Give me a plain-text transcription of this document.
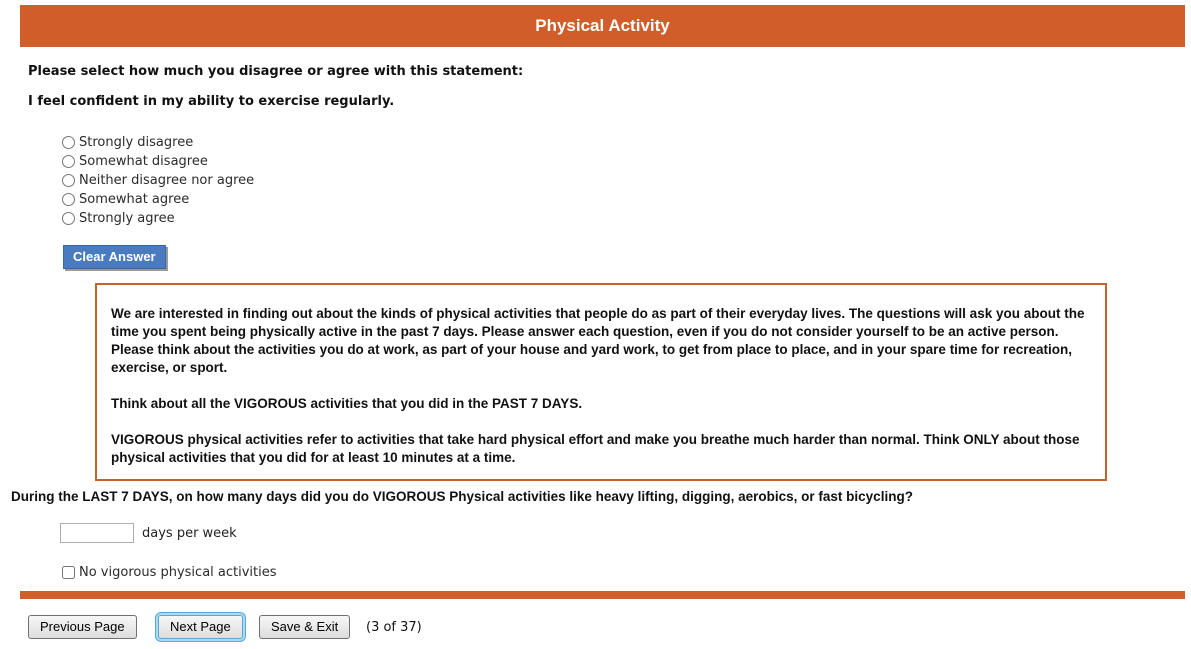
Physical Activity
Please select how much you disagree or agree with this statement:
I feel confident in my ability to exercise regularly.
Strongly disagree
Somewhat disagree
Neither disagree nor agree
Somewhat agree
Strongly agree
Clear Answer

We are interested in finding out about the kinds of physical activities that people do as part of their everyday lives. The questions will ask you about the time you spent being physically active in the past 7 days. Please answer each question, even if you do not consider yourself to be an active person. Please think about the activities you do at work, as part of your house and yard work, to get from place to place, and in your spare time for recreation, exercise, or sport.

Think about all the VIGOROUS activities that you did in the PAST 7 DAYS.

VIGOROUS physical activities refer to activities that take hard physical effort and make you breathe much harder than normal. Think ONLY about those physical activities that you did for at least 10 minutes at a time.

During the LAST 7 DAYS, on how many days did you do VIGOROUS Physical activities like heavy lifting, digging, aerobics, or fast bicycling?
days per week
No vigorous physical activities
Previous Page	Next Page	Save & Exit	(3 of 37)
